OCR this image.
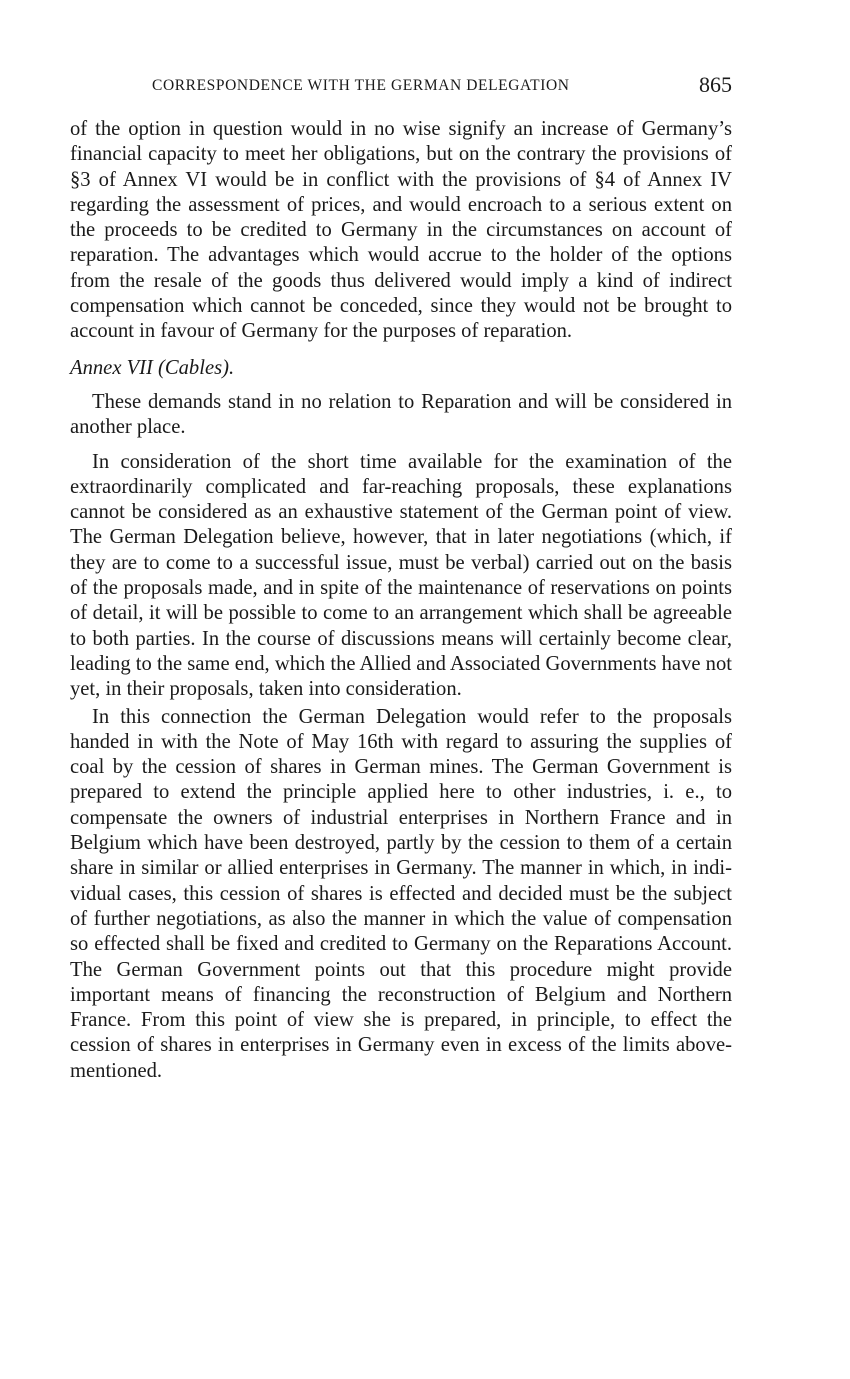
CORRESPONDENCE WITH THE GERMAN DELEGATION	865

of the option in question would in no wise signify an increase of Germany’s financial capacity to meet her obligations, but on the contrary the provisions of §3 of Annex VI would be in conflict with the provisions of §4 of Annex IV regarding the assessment of prices, and would encroach to a serious extent on the proceeds to be credited to Germany in the circumstances on account of reparation. The advantages which would accrue to the holder of the options from the resale of the goods thus delivered would imply a kind of indirect compensation which cannot be conceded, since they would not be brought to account in favour of Germany for the purposes of reparation.

Annex VII (Cables).

These demands stand in no relation to Reparation and will be considered in another place.

In consideration of the short time available for the examination of the extraordinarily complicated and far-reaching proposals, these explanations cannot be considered as an exhaustive statement of the German point of view. The German Delegation believe, however, that in later negotiations (which, if they are to come to a successful issue, must be verbal) carried out on the basis of the proposals made, and in spite of the maintenance of reservations on points of detail, it will be possible to come to an arrangement which shall be agreeable to both parties. In the course of discussions means will certainly become clear, leading to the same end, which the Allied and Associated Governments have not yet, in their proposals, taken into consideration.

In this connection the German Delegation would refer to the proposals handed in with the Note of May 16th with regard to assuring the supplies of coal by the cession of shares in German mines. The German Government is prepared to extend the principle applied here to other industries, i. e., to compensate the owners of industrial enterprises in Northern France and in Belgium which have been destroyed, partly by the cession to them of a certain share in similar or allied enterprises in Germany. The manner in which, in individual cases, this cession of shares is effected and decided must be the subject of further negotiations, as also the manner in which the value of compensation so effected shall be fixed and credited to Germany on the Reparations Account. The German Government points out that this procedure might provide important means of financing the reconstruction of Belgium and Northern France. From this point of view she is prepared, in principle, to effect the cession of shares in enterprises in Germany even in excess of the limits abovementioned.
